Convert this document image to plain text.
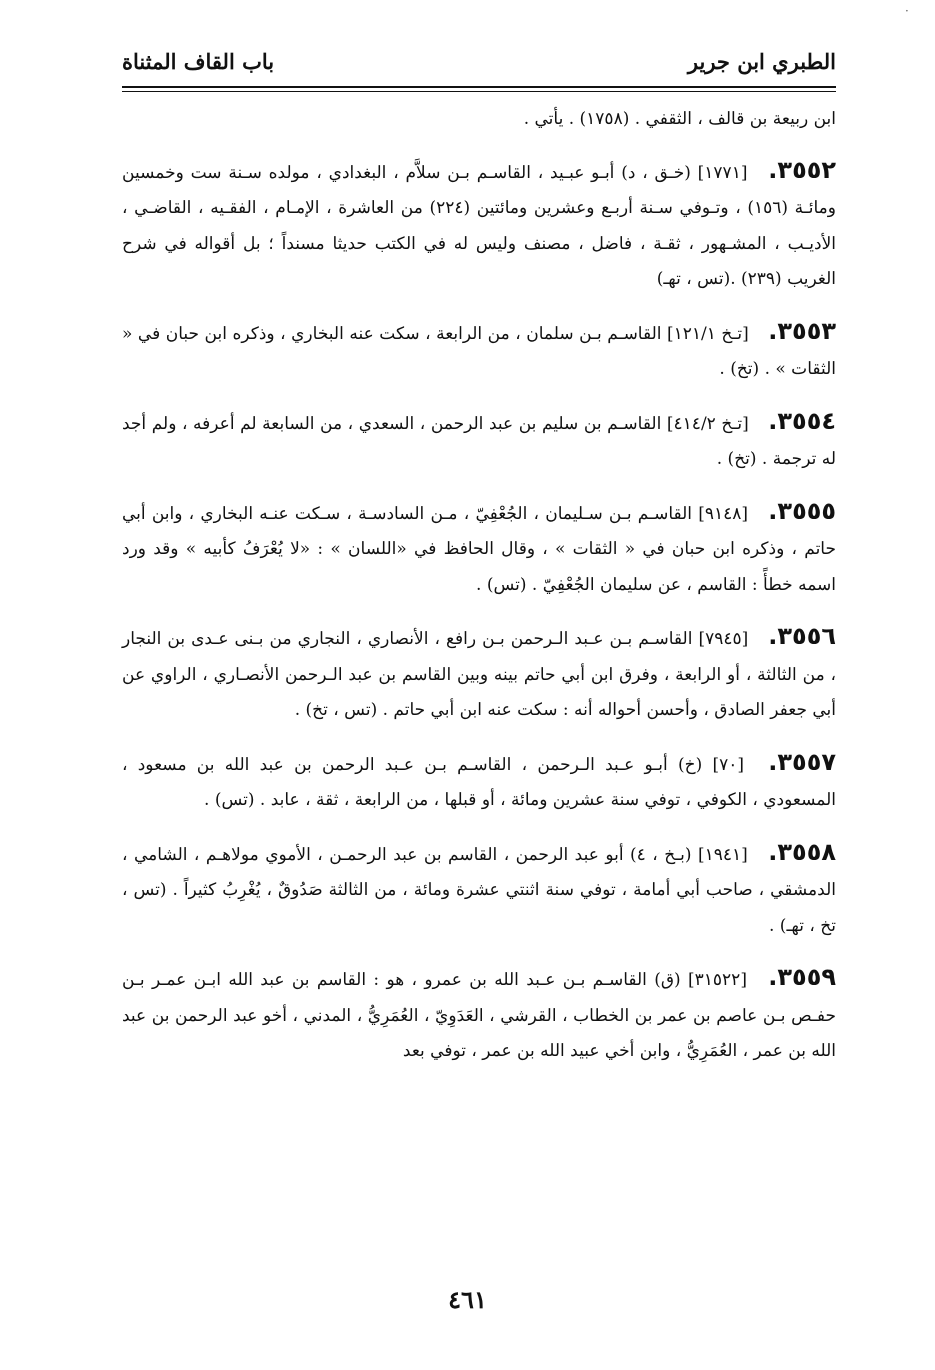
الطبري ابن جرير
باب القاف المثناة

ابن ربيعة بن قالف ، الثقفي . (١٧٥٨) . يأتي .

٣٥٥٢. [١٧٧١] (خـق ، د) أبـو عبـيد ، القاسـم بـن سلاَّم ، البغدادي ، مولده سـنة ست وخمسين ومائـة (١٥٦) ، وتـوفي سـنة أربـع وعشرين ومائتين (٢٢٤) من العاشرة ، الإمـام ، الفقـيه ، القاضـي ، الأديـب ، المشـهور ، ثقـة ، فاضل ، مصنف وليس له في الكتب حديثا مسنداً ؛ بل أقواله في شرح الغريب (٢٣٩) .(تس ، تهـ)

٣٥٥٣. [تـخ ١٢١/١] القاسـم بـن سلمان ، من الرابعة ، سكت عنه البخاري ، وذكره ابن حبان في « الثقات » . (تخ) .

٣٥٥٤. [تـخ ٤١٤/٢] القاسـم بن سليم بن عبد الرحمن ، السعدي ، من السابعة لم أعرفه ، ولم أجد له ترجمة . (تخ) .

٣٥٥٥. [٩١٤٨] القاسـم بـن سـليمان ، الجُعْفِيّ ، مـن السادسـة ، سـكت عنـه البخاري ، وابن أبي حاتم ، وذكره ابن حبان في « الثقات » ، وقال الحافظ في «اللسان » : «لا يُعْرَفُ كأبيه » وقد ورد اسمه خطأً : القاسم ، عن سليمان الجُعْفِيّ . (تس) .

٣٥٥٦. [٧٩٤٥] القاسـم بـن عـبد الـرحمن بـن رافع ، الأنصاري ، النجاري من بـنى عـدى بن النجار ، من الثالثة ، أو الرابعة ، وفرق ابن أبي حاتم بينه وبين القاسم بن عبد الـرحمن الأنصـاري ، الراوي عن أبي جعفر الصادق ، وأحسن أحواله أنه : سكت عنه ابن أبي حاتم . (تس ، تخ) .

٣٥٥٧. [٧٠] (خ) أبـو عـبد الـرحمن ، القاسـم بـن عـبد الرحمن بن عبد الله بن مسعود ، المسعودي ، الكوفي ، توفي سنة عشرين ومائة ، أو قبلها ، من الرابعة ، ثقة ، عابد . (تس) .

٣٥٥٨. [١٩٤١] (بـخ ، ٤) أبو عبد الرحمن ، القاسم بن عبد الرحمـن ، الأموي مولاهـم ، الشامي ، الدمشقي ، صاحب أبي أمامة ، توفي سنة اثنتي عشرة ومائة ، من الثالثة صَدُوقٌ ، يُغْرِبُ كثيراً . (تس ، تخ ، تهـ) .

٣٥٥٩. [٣١٥٢٢] (ق) القاسـم بـن عـبد الله بن عمرو ، هو : القاسم بن عبد الله ابـن عمـر بـن حفـص بـن عاصم بن عمر بن الخطاب ، القرشي ، العَدَوِيّ ، العُمَرِيُّ ، المدني ، أخو عبد الرحمن بن عبد الله بن عمر ، العُمَرِيُّ ، وابن أخي عبيد الله بن عمر ، توفي بعد

٤٦١
·
